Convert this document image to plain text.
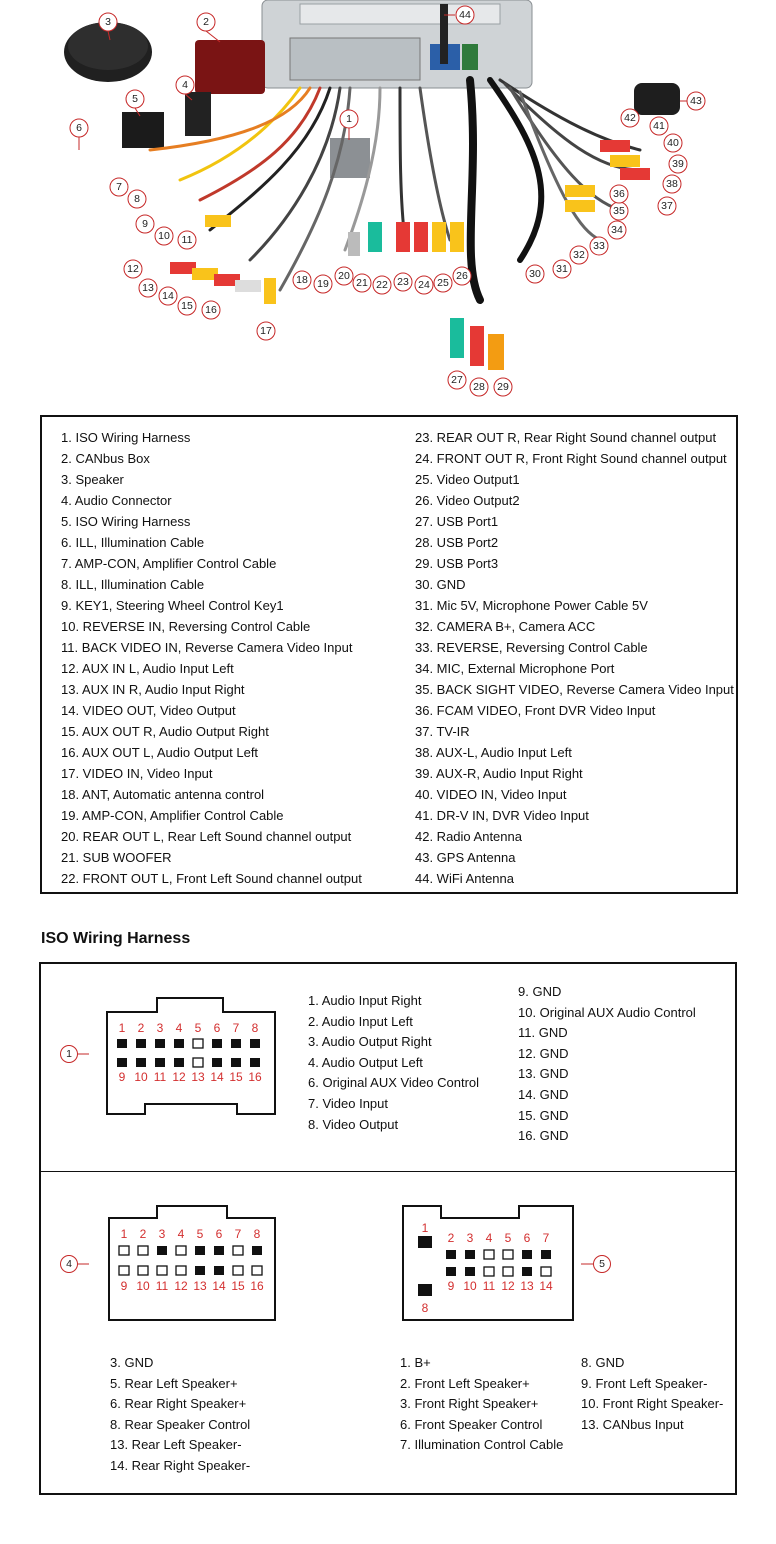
1
2
3
4
5
6
7
8
9
10 11
12
13
14
15 16
17
18 19
20
21 22 23 24 25
26
27
28 29
30 31
32
33
34
35
36
37
38
39
40
41
42
43
44
1. ISO Wiring Harness
2. CANbus Box
3. Speaker
4. Audio Connector
5. ISO Wiring Harness
6. ILL, Illumination Cable
7. AMP-CON, Amplifier Control Cable
8. ILL, Illumination Cable
9. KEY1, Steering Wheel Control Key1
10. REVERSE IN, Reversing Control Cable
11. BACK VIDEO IN, Reverse Camera Video Input
12. AUX IN L, Audio Input Left
13. AUX IN R, Audio Input Right
14. VIDEO OUT, Video Output
15. AUX OUT R, Audio Output Right
16. AUX OUT L, Audio Output Left
17. VIDEO IN, Video Input
18. ANT, Automatic antenna control
19. AMP-CON, Amplifier Control Cable
20. REAR OUT L, Rear Left Sound channel output
21. SUB WOOFER
22. FRONT OUT L, Front Left Sound channel output
23. REAR OUT R, Rear Right Sound channel output
24. FRONT OUT R, Front Right Sound channel output
25. Video Output1
26. Video Output2
27. USB Port1
28. USB Port2
29. USB Port3
30. GND
31. Mic 5V, Microphone Power Cable 5V
32. CAMERA B+, Camera ACC
33. REVERSE, Reversing Control Cable
34. MIC, External Microphone Port
35. BACK SIGHT VIDEO, Reverse Camera Video Input
36. FCAM VIDEO, Front DVR Video Input
37. TV-IR
38. AUX-L, Audio Input Left
39. AUX-R, Audio Input Right
40. VIDEO IN, Video Input
41. DR-V IN, DVR Video Input
42. Radio Antenna
43. GPS Antenna
44. WiFi Antenna
ISO Wiring Harness
1
1 2 3 4 5 6 7 8
9 10 11 12 13 14 15 16
1. Audio Input Right
2. Audio Input Left
3. Audio Output Right
4. Audio Output Left
6. Original AUX Video Control
7. Video Input
8. Video Output
9. GND
10. Original AUX Audio Control
11. GND
12. GND
13. GND
14. GND
15. GND
16. GND
4
1 2 3 4 5 6 7 8
9 10 11 12 13 14 15 16
3. GND
5. Rear Left Speaker+
6. Rear Right Speaker+
8. Rear Speaker Control
13. Rear Left Speaker-
14. Rear Right Speaker-
1
2 3 4 5 6 7
9 10 11 12 13 14
8
5
1. B+
2. Front Left Speaker+
3. Front Right Speaker+
6. Front Speaker Control
7. Illumination Control Cable
8. GND
9. Front Left Speaker-
10. Front Right Speaker-
13. CANbus Input
